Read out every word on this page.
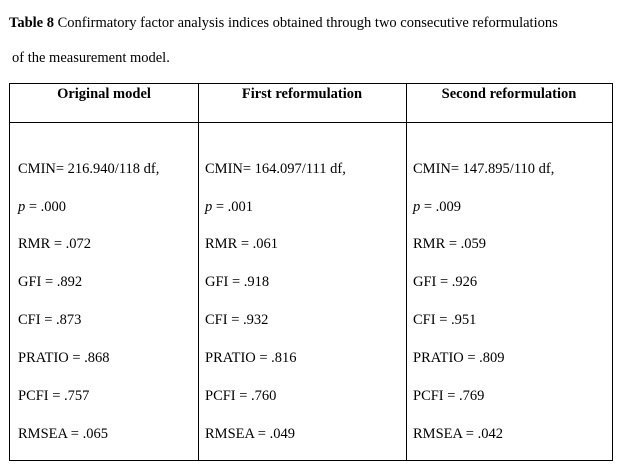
Table 8 Confirmatory factor analysis indices obtained through two consecutive reformulations
of the measurement model.
Original model	First reformulation	Second reformulation
CMIN= 216.940/118 df,
p = .000
RMR = .072
GFI = .892
CFI = .873
PRATIO = .868
PCFI = .757
RMSEA = .065
CMIN= 164.097/111 df,
p = .001
RMR = .061
GFI = .918
CFI = .932
PRATIO = .816
PCFI = .760
RMSEA = .049
CMIN= 147.895/110 df,
p = .009
RMR = .059
GFI = .926
CFI = .951
PRATIO = .809
PCFI = .769
RMSEA = .042
